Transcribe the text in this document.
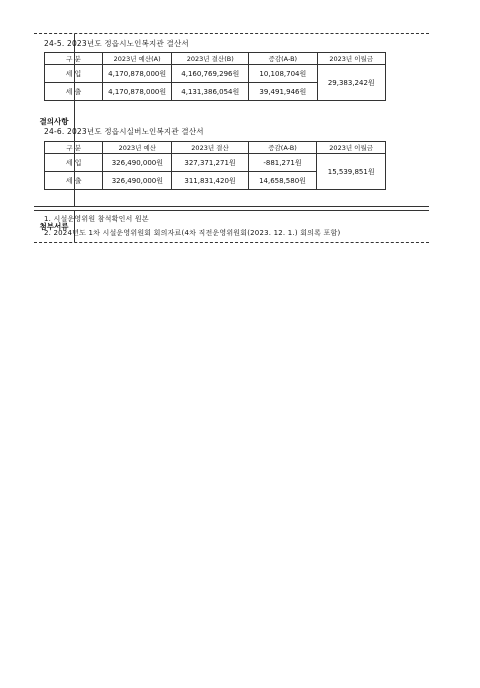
결의사항
24-5. 2023년도 정읍시노인복지관 결산서
구 분	2023년 예산(A)	2023년 결산(B)	증감(A-B)	2023년 이월금
세 입	4,170,878,000원	4,160,769,296원	10,108,704원	29,383,242원
세 출	4,170,878,000원	4,131,386,054원	39,491,946원	
24-6. 2023년도 정읍시실버노인복지관 결산서
구 분	2023년 예산	2023년 결산	증감(A-B)	2023년 이월금
세 입	326,490,000원	327,371,271원	-881,271원	15,539,851원
세 출	326,490,000원	311,831,420원	14,658,580원	
첨부서류
1. 시설운영위원 참석확인서 원본
2. 2024년도 1차 시설운영위원회 회의자료(4차 직전운영위원회(2023. 12. 1.) 회의록 포함)
